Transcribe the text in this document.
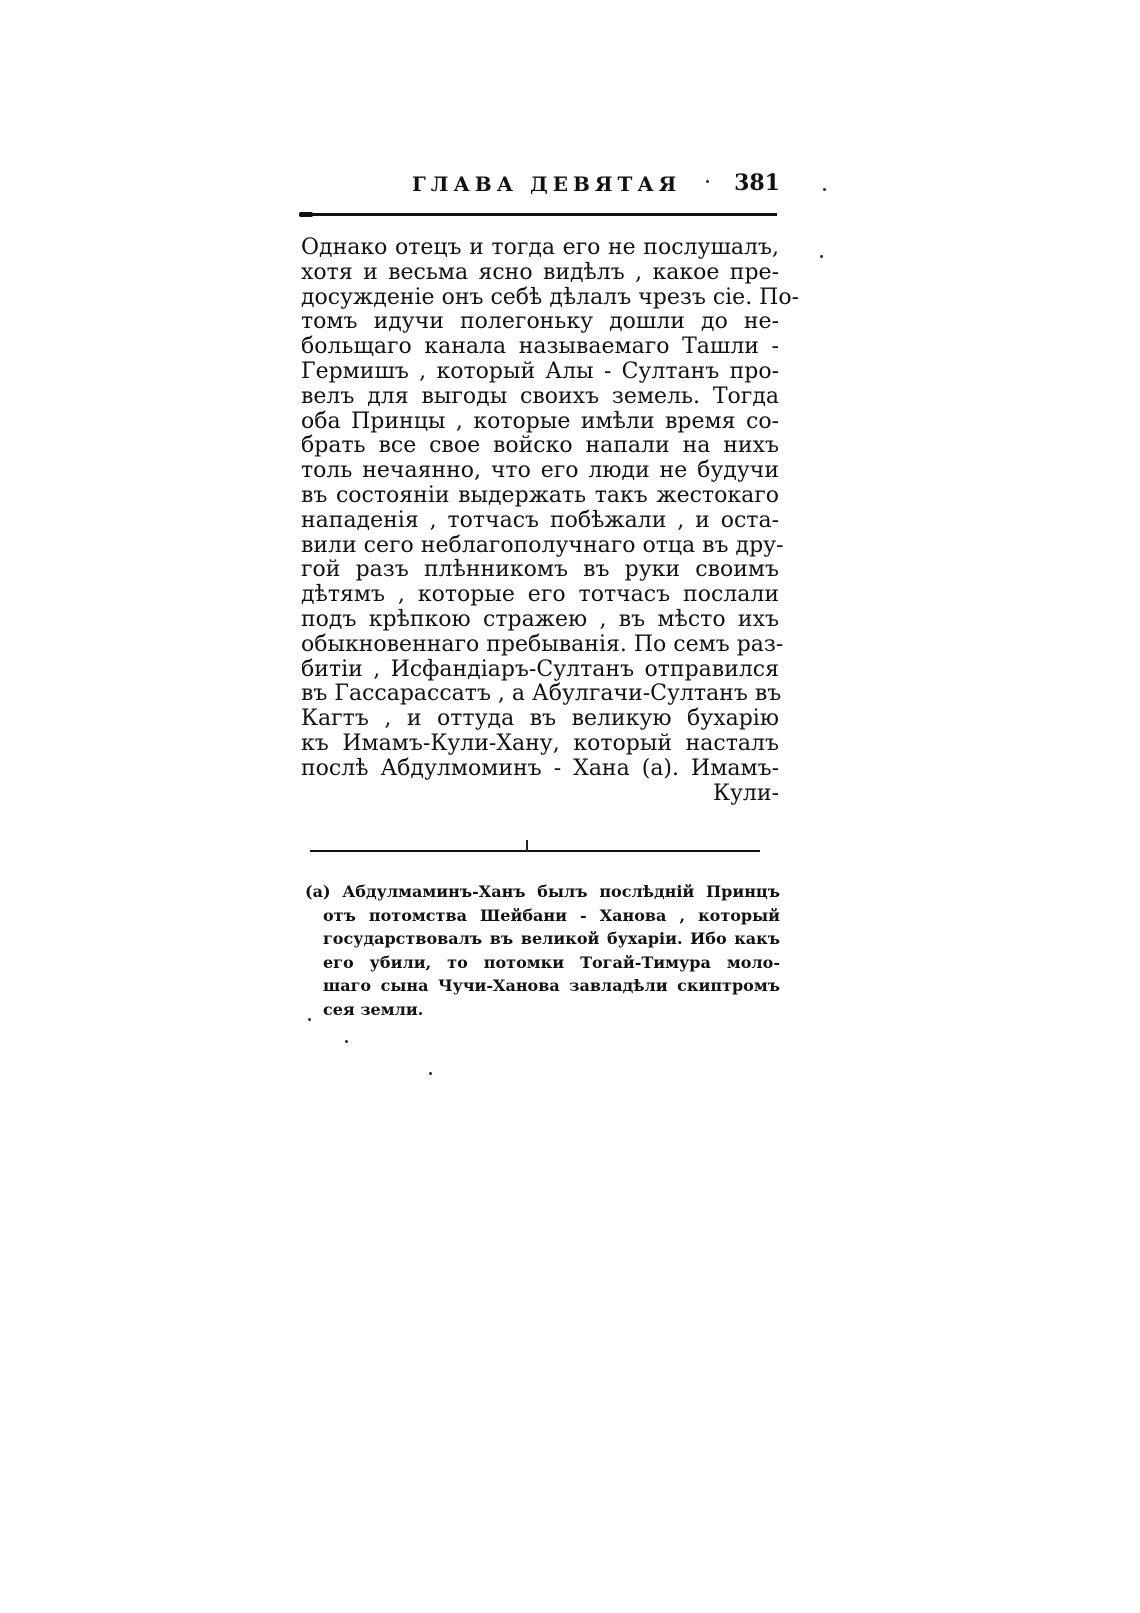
ГЛАВА ДЕВЯТАЯ 381
Однако отецъ и тогда его не послушалъ,
хотя и весьма ясно видѣлъ , какое пре-
досужденіе онъ себѣ дѣлалъ чрезъ сіе. По-
томъ идучи полегоньку дошли до не-
больщаго канала называемаго Ташли -
Гермишъ , который Алы - Султанъ про-
велъ для выгоды своихъ земель. Тогда
оба Принцы , которые имѣли время со-
брать все свое войско напали на нихъ
толь нечаянно, что его люди не будучи
въ состояніи выдержать такъ жестокаго
нападенія , тотчасъ побѣжали , и оста-
вили сего неблагополучнаго отца въ дру-
гой разъ плѣнникомъ въ руки своимъ
дѣтямъ , которые его тотчасъ послали
подъ крѣпкою стражею , въ мѣсто ихъ
обыкновеннаго пребыванія. По семъ раз-
битіи , Исфандіаръ-Султанъ отправился
въ Гассарассатъ , а Абулгачи-Султанъ въ
Кагтъ , и оттуда въ великую бухарію
къ Имамъ-Кули-Хану, который насталъ
послѣ Абдулмоминъ - Хана (a). Имамъ-
Кули-
(a) Абдулмаминъ-Ханъ былъ послѣдній Принцъ
отъ потомства Шейбани - Ханова , который
государствовалъ въ великой бухаріи. Ибо какъ
его убили, то потомки Тогай-Тимура моло-
шаго сына Чучи-Ханова завладѣли скиптромъ
сея земли.
